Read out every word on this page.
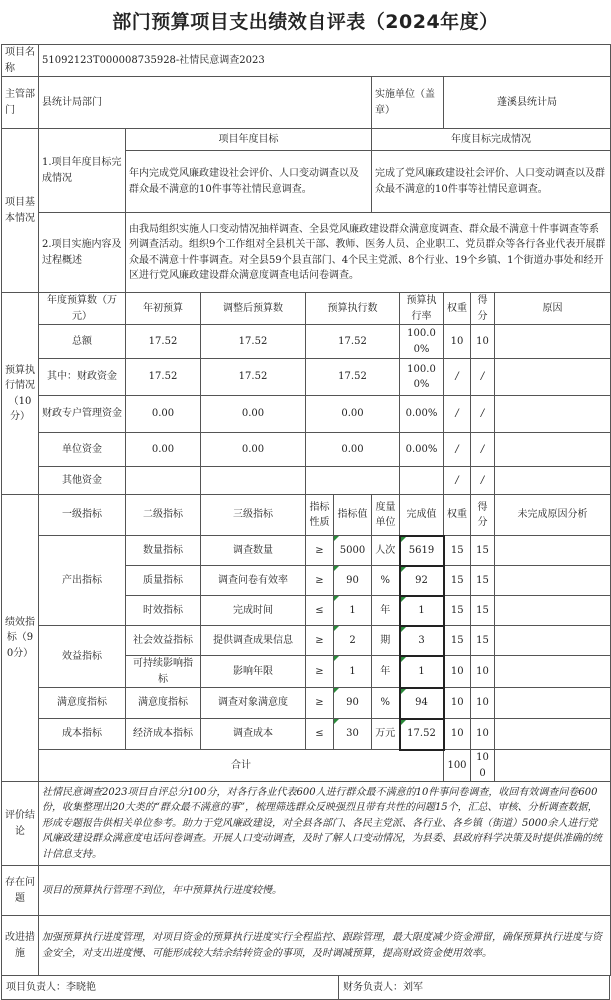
部门预算项目支出绩效自评表（2024年度）
项目名称	51092123T000008735928-社情民意调查2023									
主管部门	县统计局部门					实施单位（盖章）		蓬溪县统计局		
项目基本情况	1.项目年度目标完成情况	项目年度目标				年度目标完成情况				
		年内完成党风廉政建设社会评价、人口变动调查以及群众最不满意的10件事等社情民意调查。				完成了党风廉政建设社会评价、人口变动调查以及群众最不满意的10件事等社情民意调查。				
	2.项目实施内容及过程概述	由我局组织实施人口变动情况抽样调查、全县党风廉政建设群众满意度调查、群众最不满意十件事调查等系列调查活动。组织9个工作组对全县机关干部、教师、医务人员、企业职工、党员群众等各行各业代表开展群众最不满意十件事调查。对全县59个县直部门、4个民主党派、8个行业、19个乡镇、1个街道办事处和经开区进行党风廉政建设群众满意度调查电话问卷调查。								
预算执行情况（10分）	年度预算数（万元）	年初预算	调整后预算数	预算执行数			预算执行率	权重	得分	原因
	总额	17.52	17.52	17.52			100.00%	10	10	
	其中：财政资金	17.52	17.52	17.52			100.00%	/	/	
	财政专户管理资金	0.00	0.00	0.00			0.00%	/	/	
	单位资金	0.00	0.00	0.00			0.00%	/	/	
	其他资金							/	/	
绩效指标（90分）	一级指标	二级指标	三级指标	指标性质	指标值	度量单位	完成值	权重	得分	未完成原因分析
	产出指标	数量指标	调查数量	≥	5000	人次	5619	15	15	
		质量指标	调查问卷有效率	≥	90	%	92	15	15	
		时效指标	完成时间	≤	1	年	1	15	15	
	效益指标	社会效益指标	提供调查成果信息	≥	2	期	3	15	15	
		可持续影响指标	影响年限	≥	1	年	1	10	10	
	满意度指标	满意度指标	调查对象满意度	≥	90	%	94	10	10	
	成本指标	经济成本指标	调查成本	≤	30	万元	17.52	10	10	
	合计							100	100	
评价结论	社情民意调查2023项目自评总分100分，对各行各业代表600人进行群众最不满意的10件事问卷调查，收回有效调查问卷600份，收集整理出20大类的“群众最不满意的事”，梳理筛选群众反映强烈且带有共性的问题15个，汇总、审核、分析调查数据，形成专题报告供相关单位参考。助力于党风廉政建设，对全县各部门、各民主党派、各行业、各乡镇（街道）5000余人进行党风廉政建设群众满意度电话问卷调查。开展人口变动调查，及时了解人口变动情况，为县委、县政府科学决策及时提供准确的统计信息支持。									
存在问题	项目的预算执行管理不到位，年中预算执行进度较慢。									
改进措施	加强预算执行进度管理，对项目资金的预算执行进度实行全程监控、跟踪管理，最大限度减少资金滞留，确保预算执行进度与资金安全，对支出进度慢、可能形成较大结余结转资金的事项，及时调减预算，提高财政资金使用效率。									
项目负责人：李晓艳	财务负责人：刘军
